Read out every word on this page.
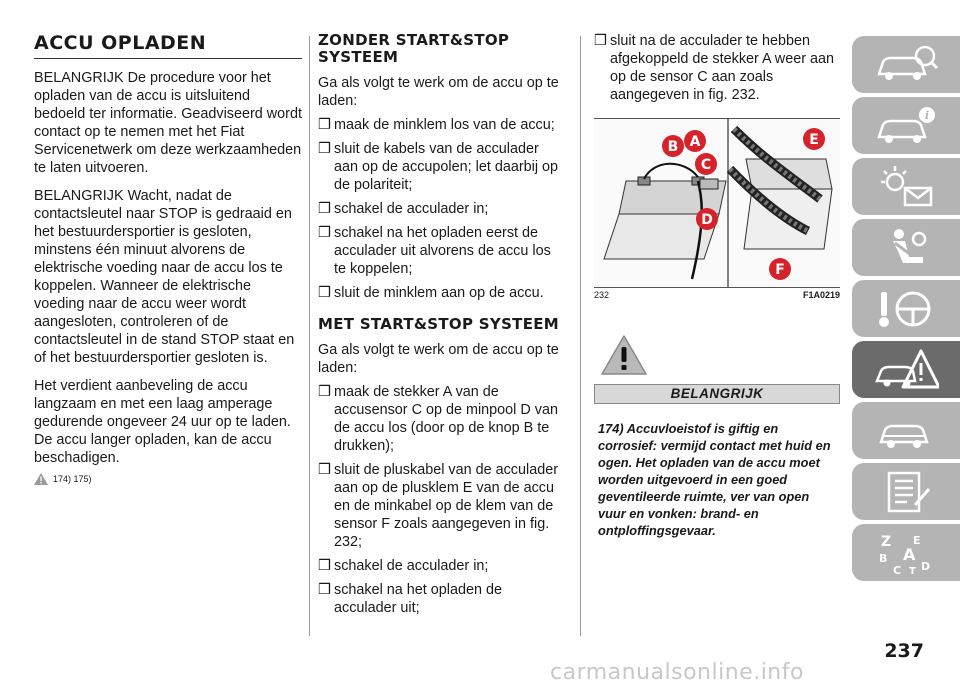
ACCU OPLADEN

BELANGRIJK De procedure voor het opladen van de accu is uitsluitend bedoeld ter informatie. Geadviseerd wordt contact op te nemen met het Fiat Servicenetwerk om deze werkzaamheden te laten uitvoeren.

BELANGRIJK Wacht, nadat de contactsleutel naar STOP is gedraaid en het bestuurdersportier is gesloten, minstens één minuut alvorens de elektrische voeding naar de accu los te koppelen. Wanneer de elektrische voeding naar de accu weer wordt aangesloten, controleren of de contactsleutel in de stand STOP staat en of het bestuurdersportier gesloten is.

Het verdient aanbeveling de accu langzaam en met een laag amperage gedurende ongeveer 24 uur op te laden. De accu langer opladen, kan de accu beschadigen.

174) 175)
ZONDER START&STOP SYSTEEM

Ga als volgt te werk om de accu op te laden:

❒ maak de minklem los van de accu;
❒ sluit de kabels van de acculader aan op de accupolen; let daarbij op de polariteit;
❒ schakel de acculader in;
❒ schakel na het opladen eerst de acculader uit alvorens de accu los te koppelen;
❒ sluit de minklem aan op de accu.
MET START&STOP SYSTEEM

Ga als volgt te werk om de accu op te laden:

❒ maak de stekker A van de accusensor C op de minpool D van de accu los (door op de knop B te drukken);
❒ sluit de pluskabel van de acculader aan op de plusklem E van de accu en de minkabel op de klem van de sensor F zoals aangegeven in fig. 232;
❒ schakel de acculader in;
❒ schakel na het opladen de acculader uit;
❒ sluit na de acculader te hebben afgekoppeld de stekker A weer aan op de sensor C aan zoals aangegeven in fig. 232.
B A
C
D
E
F
232	F1A0219
BELANGRIJK
174) Accuvloeistof is giftig en corrosief: vermijd contact met huid en ogen. Het opladen van de accu moet worden uitgevoerd in een goed geventileerde ruimte, ver van open vuur en vonken: brand- en ontploffingsgevaar.
i
Z E
B A
C D
T
237
carmanualsonline.info
